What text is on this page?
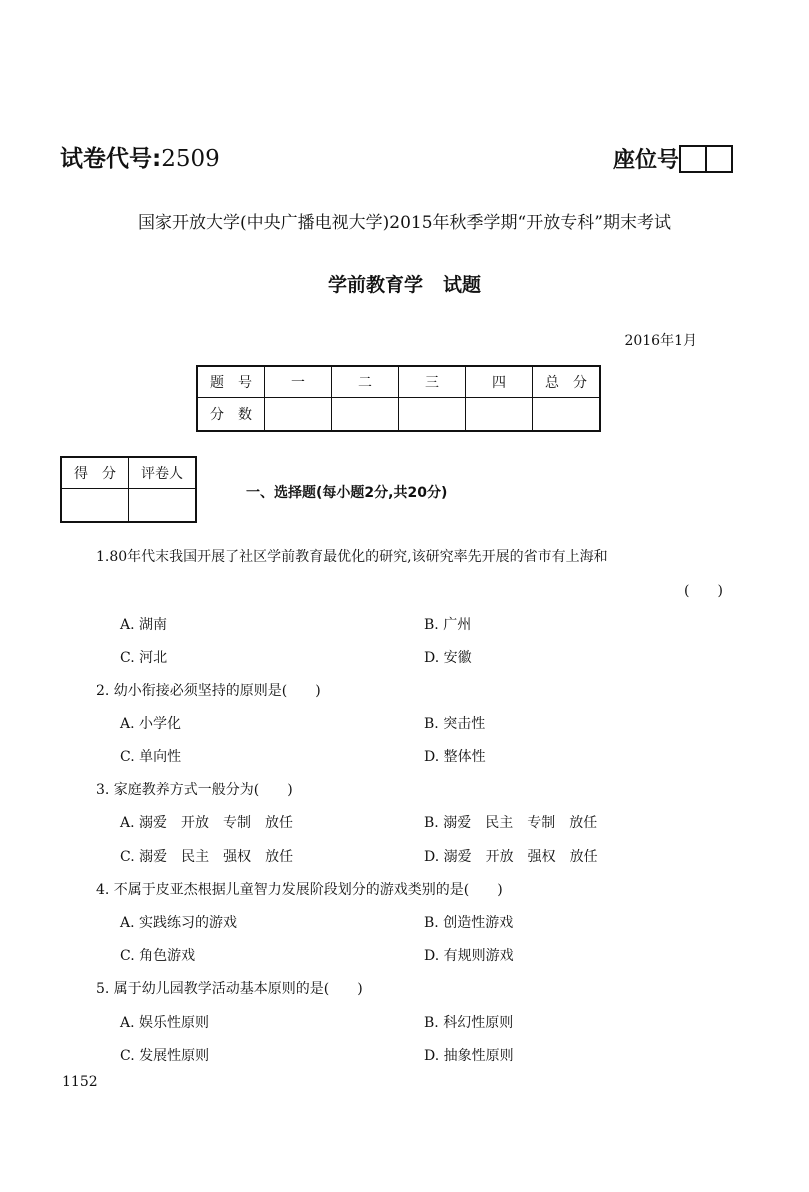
试卷代号:2509	座位号
国家开放大学(中央广播电视大学)2015年秋季学期“开放专科”期末考试
学前教育学 试题
2016年1月
题　号	一	二	三	四	总　分
分　数					
得　分	评卷人

一、选择题(每小题2分,共20分)
1.80年代末我国开展了社区学前教育最优化的研究,该研究率先开展的省市有上海和
(　　)
A. 湖南	B. 广州
C. 河北	D. 安徽
2. 幼小衔接必须坚持的原则是(　　)
A. 小学化	B. 突击性
C. 单向性	D. 整体性
3. 家庭教养方式一般分为(　　)
A. 溺爱　开放　专制　放任	B. 溺爱　民主　专制　放任
C. 溺爱　民主　强权　放任	D. 溺爱　开放　强权　放任
4. 不属于皮亚杰根据儿童智力发展阶段划分的游戏类别的是(　　)
A. 实践练习的游戏	B. 创造性游戏
C. 角色游戏	D. 有规则游戏
5. 属于幼儿园教学活动基本原则的是(　　)
A. 娱乐性原则	B. 科幻性原则
C. 发展性原则	D. 抽象性原则
1152
